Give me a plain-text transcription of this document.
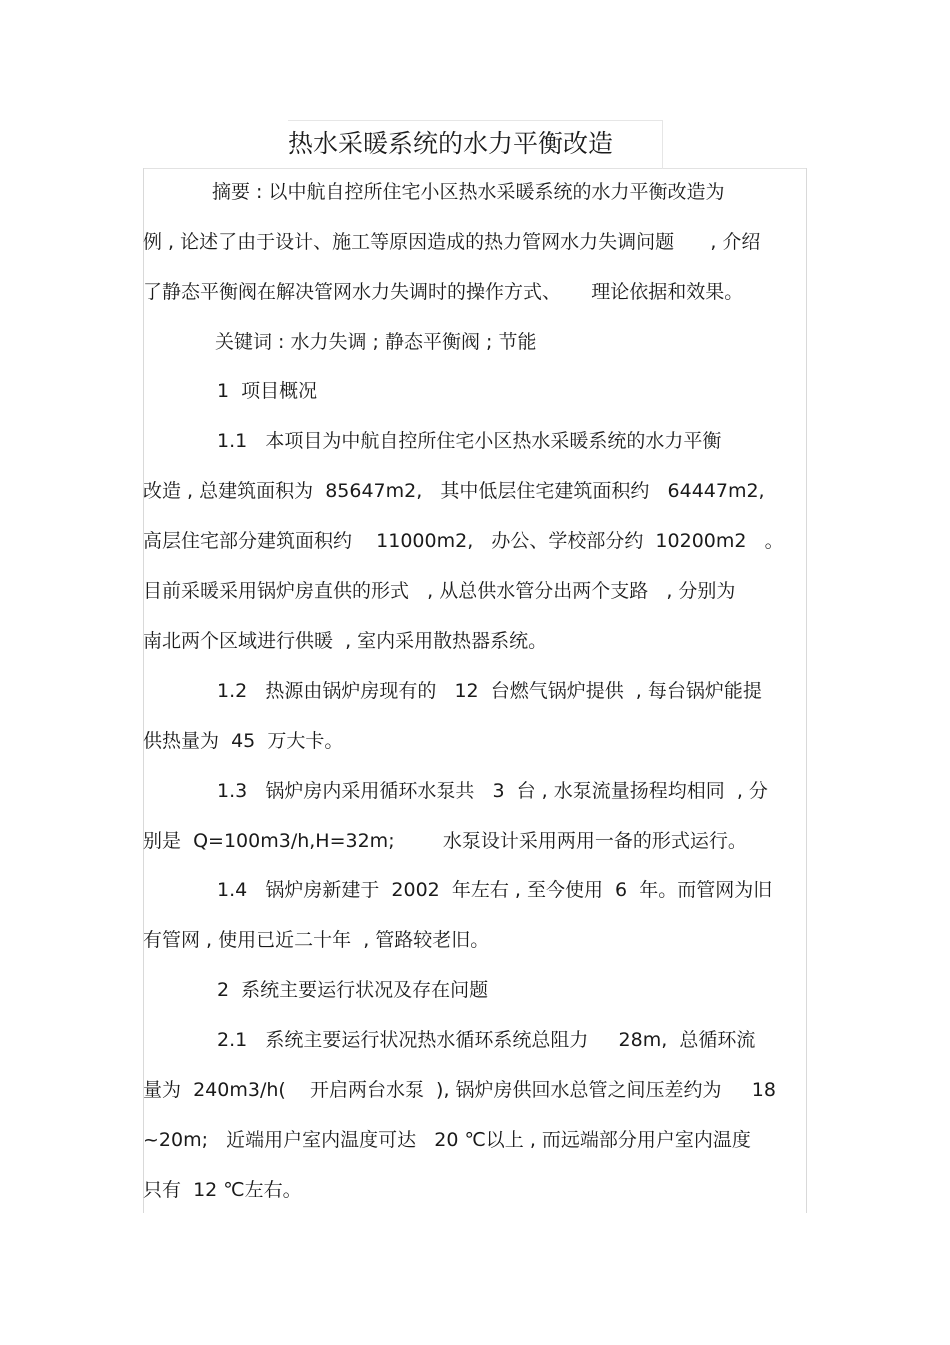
热水采暖系统的水力平衡改造
摘要 : 以中航自控所住宅小区热水采暖系统的水力平衡改造为
例 , 论述了由于设计、施工等原因造成的热力管网水力失调问题      , 介绍
了静态平衡阀在解决管网水力失调时的操作方式、     理论依据和效果。
关键词 : 水力失调 ; 静态平衡阀 ; 节能
1  项目概况
1.1   本项目为中航自控所住宅小区热水采暖系统的水力平衡
改造 , 总建筑面积为  85647m2,   其中低层住宅建筑面积约   64447m2,
高层住宅部分建筑面积约    11000m2,   办公、学校部分约  10200m2   。
目前采暖采用锅炉房直供的形式   , 从总供水管分出两个支路   , 分别为
南北两个区域进行供暖  , 室内采用散热器系统。
1.2   热源由锅炉房现有的   12  台燃气锅炉提供  , 每台锅炉能提
供热量为  45  万大卡。
1.3   锅炉房内采用循环水泵共   3  台 , 水泵流量扬程均相同  , 分
别是  Q=100m3/h,H=32m;        水泵设计采用两用一备的形式运行。
1.4   锅炉房新建于  2002  年左右 , 至今使用  6  年。而管网为旧
有管网 , 使用已近二十年  , 管路较老旧。
2  系统主要运行状况及存在问题
2.1   系统主要运行状况热水循环系统总阻力     28m,  总循环流
量为  240m3/h(    开启两台水泵  ), 锅炉房供回水总管之间压差约为     18
~20m;   近端用户室内温度可达   20 ℃以上 , 而远端部分用户室内温度
只有  12 ℃左右。
